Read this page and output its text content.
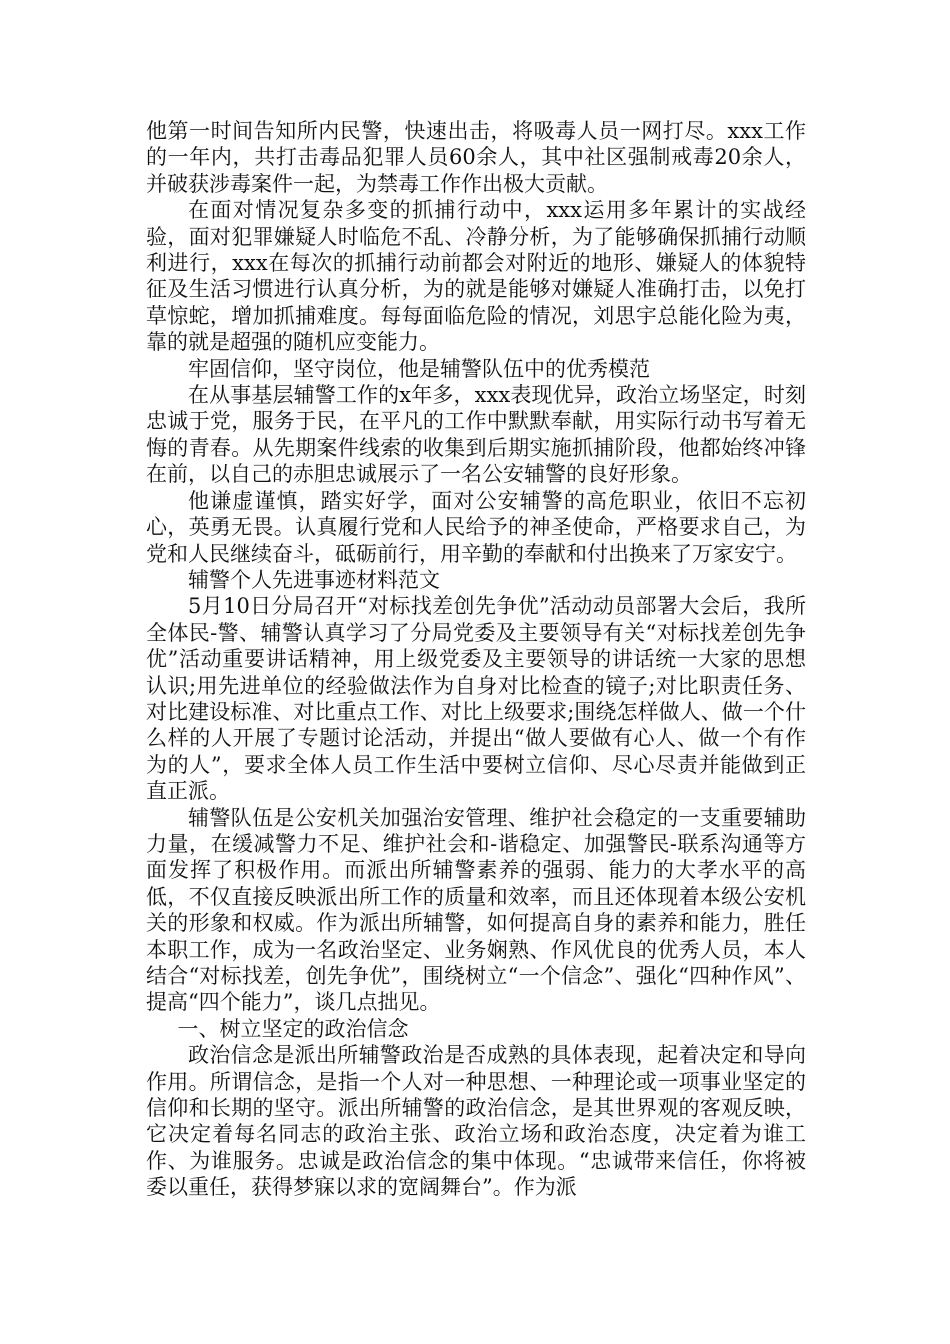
他第一时间告知所内民警，快速出击，将吸毒人员一网打尽。xxx工作的一年内，共打击毒品犯罪人员60余人，其中社区强制戒毒20余人，并破获涉毒案件一起，为禁毒工作作出极大贡献。

在面对情况复杂多变的抓捕行动中，xxx运用多年累计的实战经验，面对犯罪嫌疑人时临危不乱、冷静分析，为了能够确保抓捕行动顺利进行，xxx在每次的抓捕行动前都会对附近的地形、嫌疑人的体貌特征及生活习惯进行认真分析，为的就是能够对嫌疑人准确打击，以免打草惊蛇，增加抓捕难度。每每面临危险的情况，刘思宇总能化险为夷，靠的就是超强的随机应变能力。

牢固信仰，坚守岗位，他是辅警队伍中的优秀模范

在从事基层辅警工作的x年多，xxx表现优异，政治立场坚定，时刻忠诚于党，服务于民，在平凡的工作中默默奉献，用实际行动书写着无悔的青春。从先期案件线索的收集到后期实施抓捕阶段，他都始终冲锋在前，以自己的赤胆忠诚展示了一名公安辅警的良好形象。

他谦虚谨慎，踏实好学，面对公安辅警的高危职业，依旧不忘初心，英勇无畏。认真履行党和人民给予的神圣使命，严格要求自己，为党和人民继续奋斗，砥砺前行，用辛勤的奉献和付出换来了万家安宁。

辅警个人先进事迹材料范文

5月10日分局召开“对标找差创先争优”活动动员部署大会后，我所全体民-警、辅警认真学习了分局党委及主要领导有关“对标找差创先争优”活动重要讲话精神，用上级党委及主要领导的讲话统一大家的思想认识;用先进单位的经验做法作为自身对比检查的镜子;对比职责任务、对比建设标准、对比重点工作、对比上级要求;围绕怎样做人、做一个什么样的人开展了专题讨论活动，并提出“做人要做有心人、做一个有作为的人”，要求全体人员工作生活中要树立信仰、尽心尽责并能做到正直正派。

辅警队伍是公安机关加强治安管理、维护社会稳定的一支重要辅助力量，在缓减警力不足、维护社会和-谐稳定、加强警民-联系沟通等方面发挥了积极作用。而派出所辅警素养的强弱、能力的大孝水平的高低，不仅直接反映派出所工作的质量和效率，而且还体现着本级公安机关的形象和权威。作为派出所辅警，如何提高自身的素养和能力，胜任本职工作，成为一名政治坚定、业务娴熟、作风优良的优秀人员，本人结合“对标找差，创先争优”，围绕树立“一个信念”、强化“四种作风”、提高“四个能力”，谈几点拙见。

一、树立坚定的政治信念

政治信念是派出所辅警政治是否成熟的具体表现，起着决定和导向作用。所谓信念，是指一个人对一种思想、一种理论或一项事业坚定的信仰和长期的坚守。派出所辅警的政治信念，是其世界观的客观反映，它决定着每名同志的政治主张、政治立场和政治态度，决定着为谁工作、为谁服务。忠诚是政治信念的集中体现。“忠诚带来信任，你将被委以重任，获得梦寐以求的宽阔舞台”。作为派
